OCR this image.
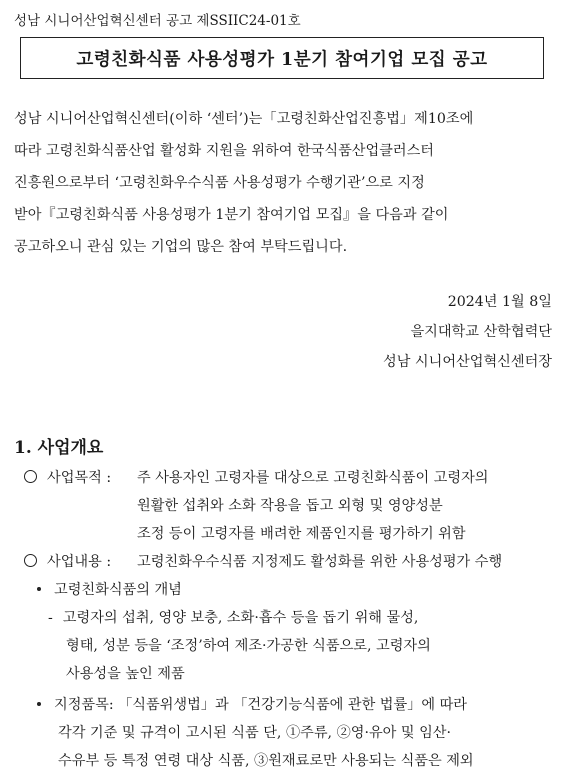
성남 시니어산업혁신센터 공고 제SSIIC24-01호
고령친화식품 사용성평가 1분기 참여기업 모집 공고
성남 시니어산업혁신센터(이하 ‘센터’)는「고령친화산업진흥법」제10조에
따라 고령친화식품산업 활성화 지원을 위하여 한국식품산업클러스터
진흥원으로부터 ‘고령친화우수식품 사용성평가 수행기관’으로 지정
받아『고령친화식품 사용성평가 1분기 참여기업 모집』을 다음과 같이
공고하오니 관심 있는 기업의 많은 참여 부탁드립니다.
2024년 1월 8일
을지대학교 산학협력단
성남 시니어산업혁신센터장
1. 사업개요
사업목적 : 주 사용자인 고령자를 대상으로 고령친화식품이 고령자의
원활한 섭취와 소화 작용을 돕고 외형 및 영양성분
조정 등이 고령자를 배려한 제품인지를 평가하기 위함
사업내용 : 고령친화우수식품 지정제도 활성화를 위한 사용성평가 수행
고령친화식품의 개념
- 고령자의 섭취, 영양 보충, 소화·흡수 등을 돕기 위해 물성,
형태, 성분 등을 ‘조정’하여 제조·가공한 식품으로, 고령자의
사용성을 높인 제품
지정품목: 「식품위생법」과 「건강기능식품에 관한 법률」에 따라
각각 기준 및 규격이 고시된 식품 단, ①주류, ②영·유아 및 임산·
수유부 등 특정 연령 대상 식품, ③원재료로만 사용되는 식품은 제외
